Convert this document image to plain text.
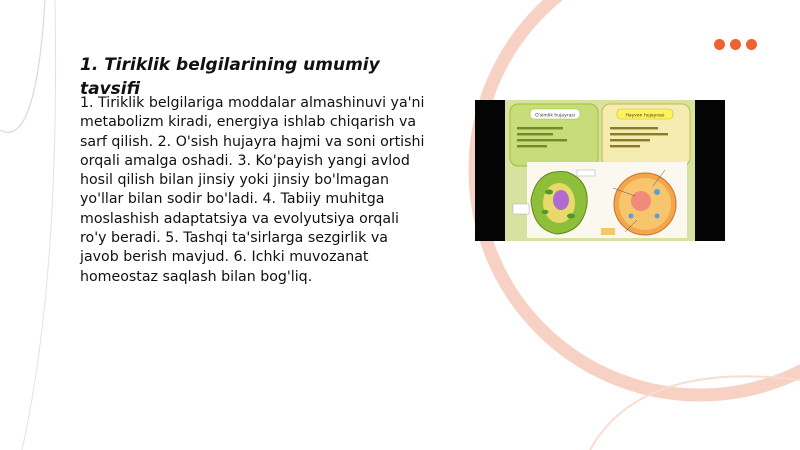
1. Tiriklik belgilarining umumiy tavsifi

1. Tiriklik belgilariga moddalar almashinuvi ya'ni metabolizm kiradi, energiya ishlab chiqarish va sarf qilish. 2. O'sish hujayra hajmi va soni ortishi orqali amalga oshadi. 3. Ko'payish yangi avlod hosil qilish bilan jinsiy yoki jinsiy bo'lmagan yo'llar bilan sodir bo'ladi. 4. Tabiiy muhitga moslashish adaptatsiya va evolyutsiya orqali ro'y beradi. 5. Tashqi ta'sirlarga sezgirlik va javob berish mavjud. 6. Ichki muvozanat homeostaz saqlash bilan bog'liq.

O'simlik hujayrasi	Hayvon hujayrasi
